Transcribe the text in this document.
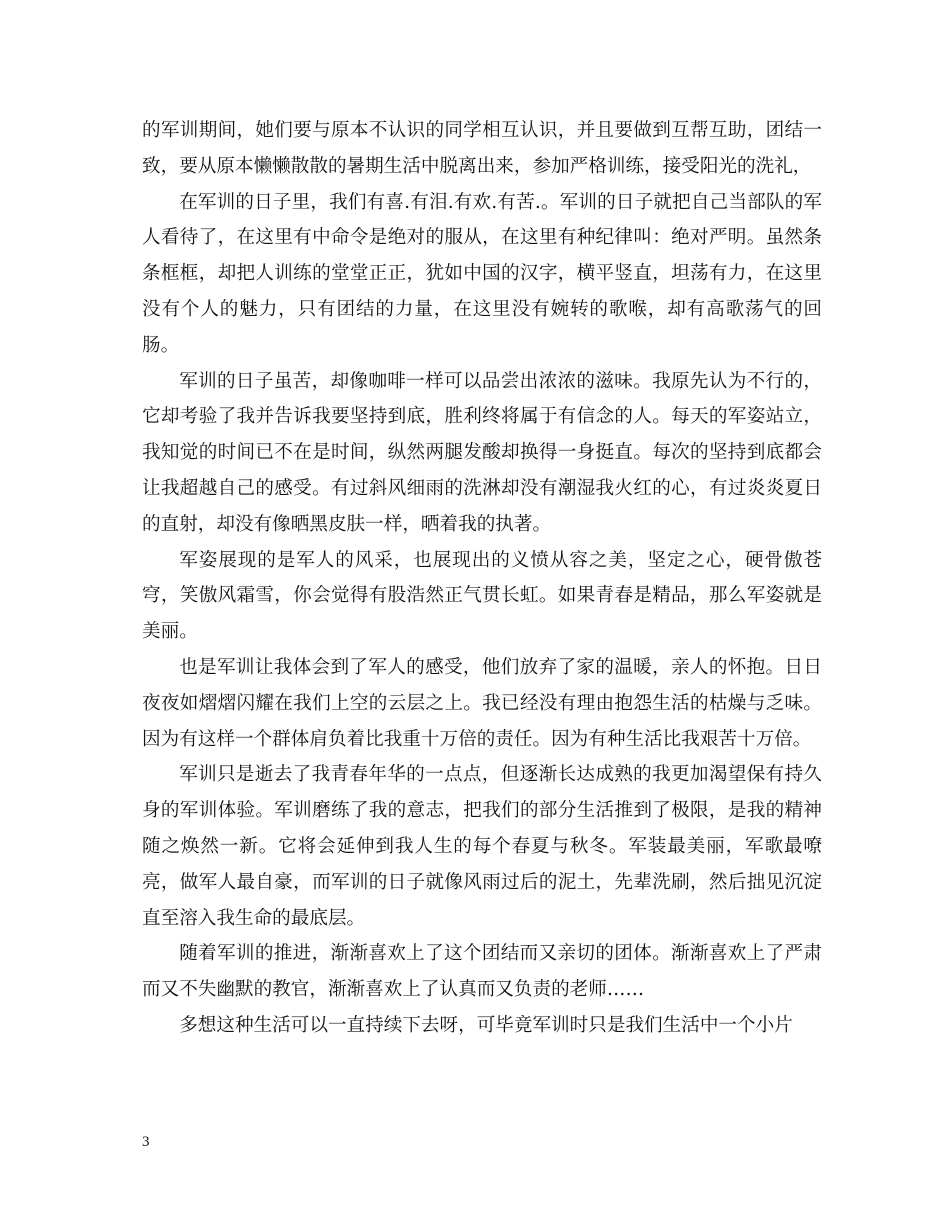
的军训期间，她们要与原本不认识的同学相互认识，并且要做到互帮互助，团结一致，要从原本懒懒散散的暑期生活中脱离出来，参加严格训练，接受阳光的洗礼，

在军训的日子里，我们有喜.有泪.有欢.有苦.。军训的日子就把自己当部队的军人看待了，在这里有中命令是绝对的服从，在这里有种纪律叫：绝对严明。虽然条条框框，却把人训练的堂堂正正，犹如中国的汉字，横平竖直，坦荡有力，在这里没有个人的魅力，只有团结的力量，在这里没有婉转的歌喉，却有高歌荡气的回肠。

军训的日子虽苦，却像咖啡一样可以品尝出浓浓的滋味。我原先认为不行的，它却考验了我并告诉我要坚持到底，胜利终将属于有信念的人。每天的军姿站立，我知觉的时间已不在是时间，纵然两腿发酸却换得一身挺直。每次的坚持到底都会让我超越自己的感受。有过斜风细雨的洗淋却没有潮湿我火红的心，有过炎炎夏日的直射，却没有像晒黑皮肤一样，晒着我的执著。

军姿展现的是军人的风采，也展现出的义愤从容之美，坚定之心，硬骨傲苍穹，笑傲风霜雪，你会觉得有股浩然正气贯长虹。如果青春是精品，那么军姿就是美丽。

也是军训让我体会到了军人的感受，他们放弃了家的温暖，亲人的怀抱。日日夜夜如熠熠闪耀在我们上空的云层之上。我已经没有理由抱怨生活的枯燥与乏味。因为有这样一个群体肩负着比我重十万倍的责任。因为有种生活比我艰苦十万倍。

军训只是逝去了我青春年华的一点点，但逐渐长达成熟的我更加渴望保有持久身的军训体验。军训磨练了我的意志，把我们的部分生活推到了极限，是我的精神随之焕然一新。它将会延伸到我人生的每个春夏与秋冬。军装最美丽，军歌最嘹亮，做军人最自豪，而军训的日子就像风雨过后的泥土，先辈洗刷，然后拙见沉淀直至溶入我生命的最底层。

随着军训的推进，渐渐喜欢上了这个团结而又亲切的团体。渐渐喜欢上了严肃而又不失幽默的教官，渐渐喜欢上了认真而又负责的老师……

多想这种生活可以一直持续下去呀，可毕竟军训时只是我们生活中一个小片

3
